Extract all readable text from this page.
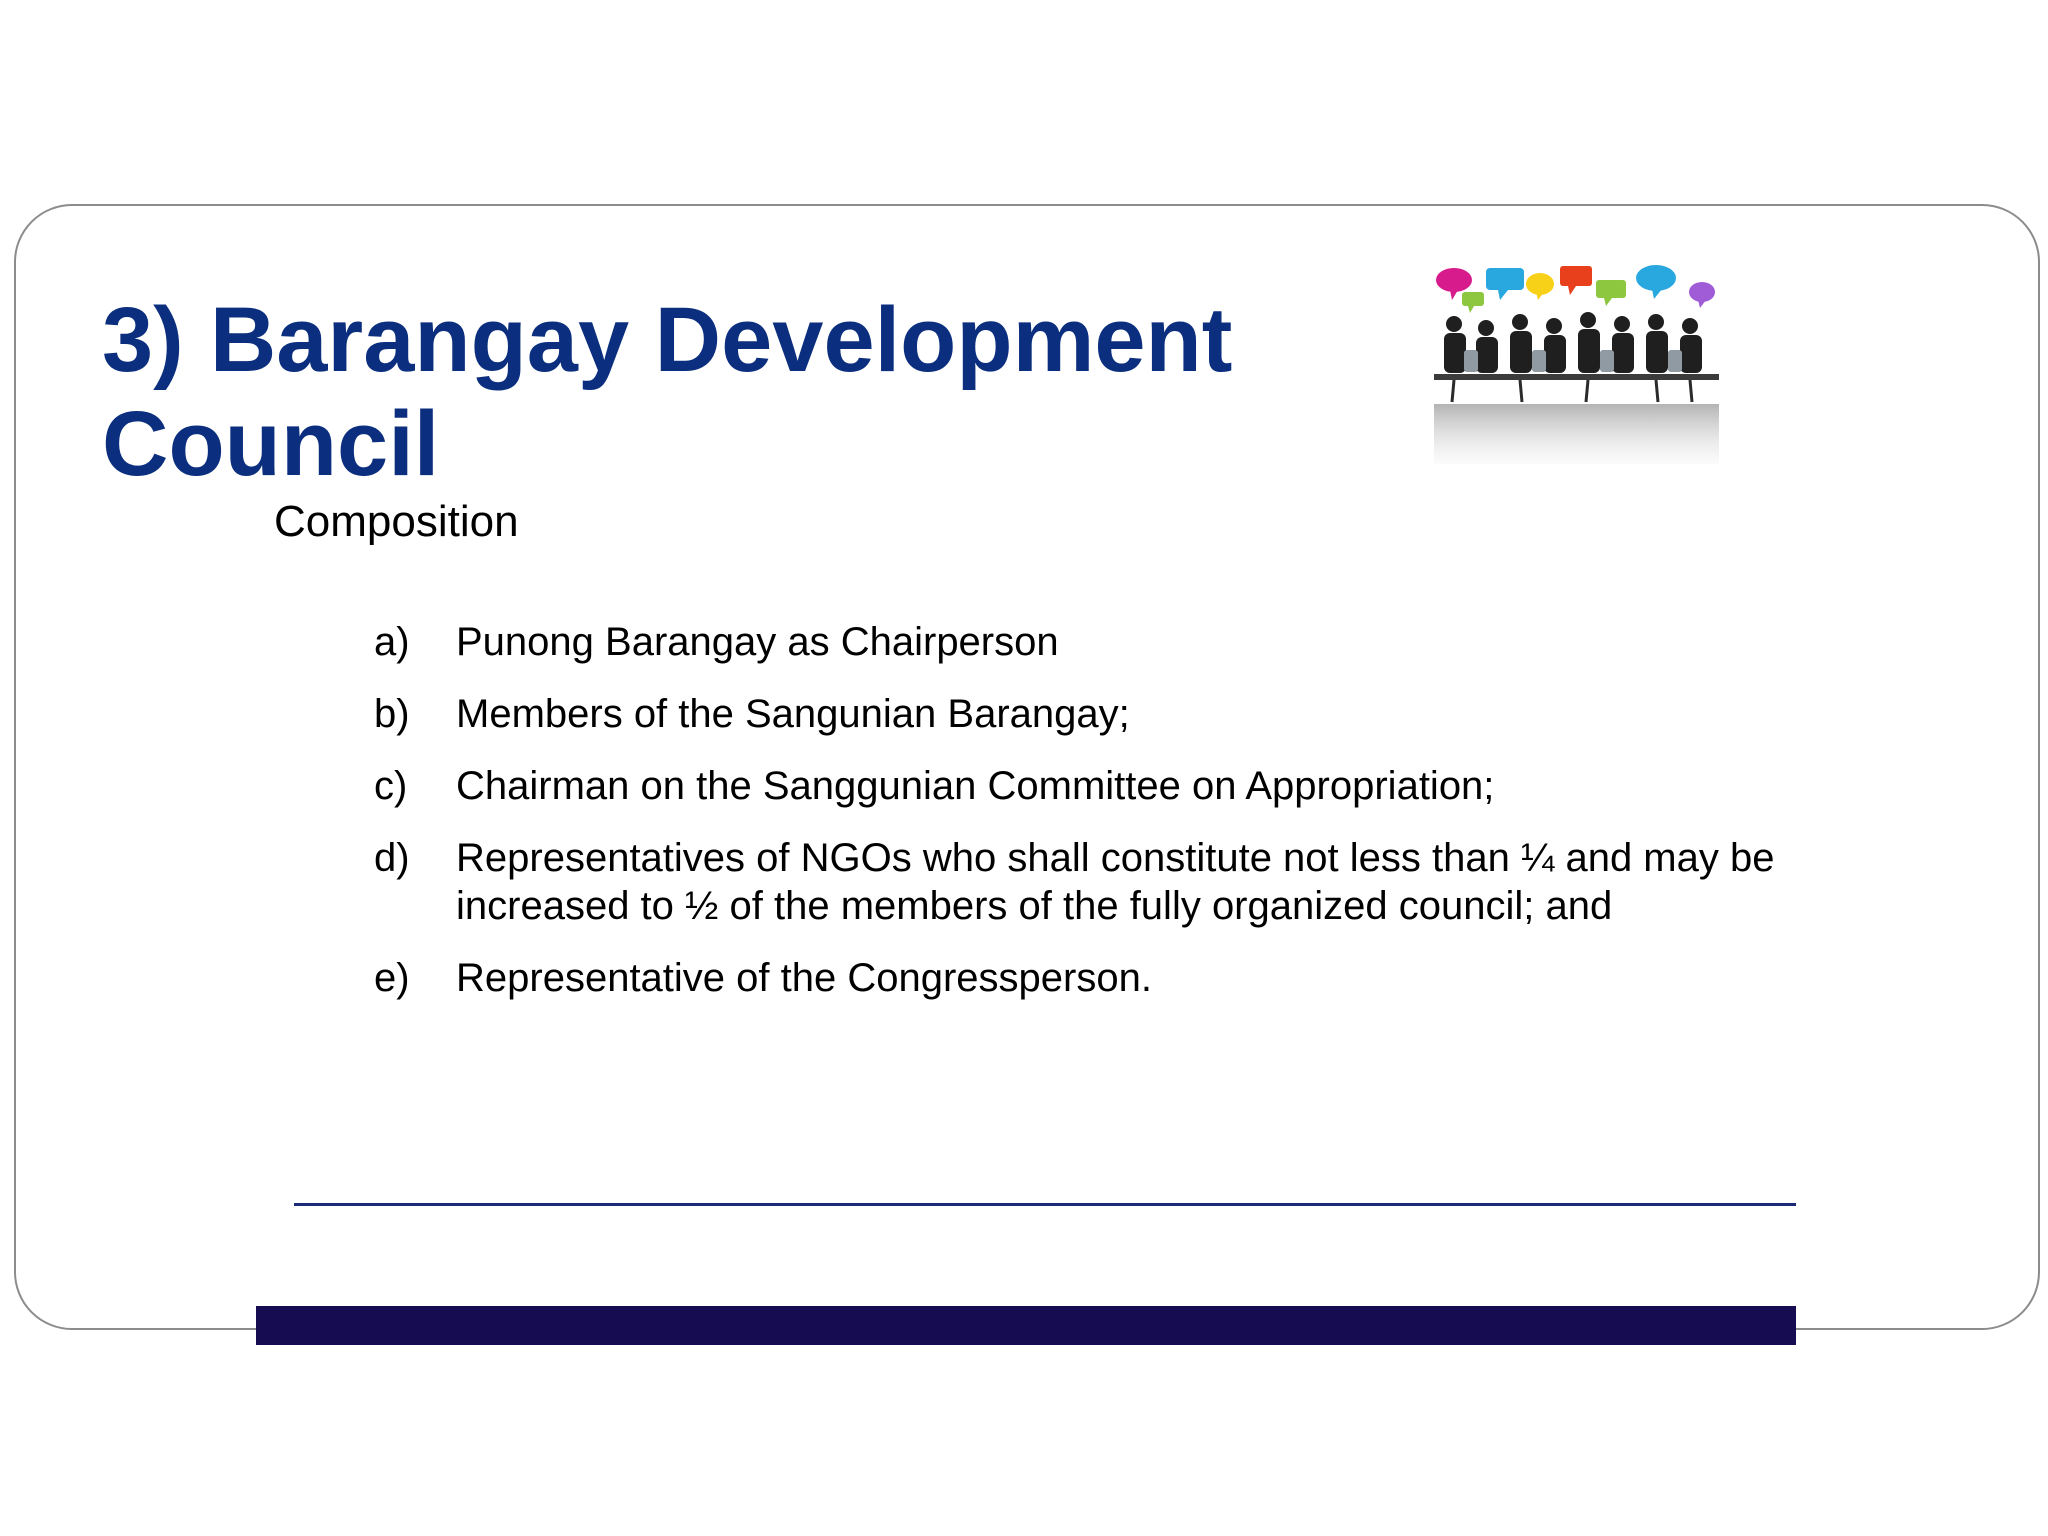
3) Barangay Development Council
Composition
a)	Punong Barangay as Chairperson
b)	Members of the Sangunian Barangay;
c)	Chairman on the Sanggunian Committee on Appropriation;
d)	Representatives of NGOs who shall constitute not less than ¼ and may be increased to ½ of the members of the fully organized council; and
e)	Representative of the Congressperson.
